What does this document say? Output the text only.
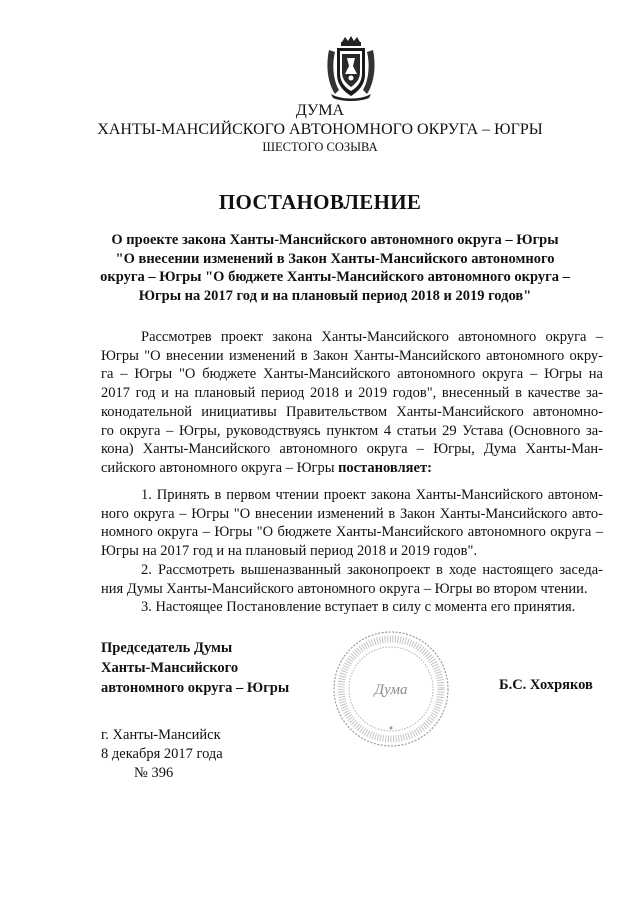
ДУМА
ХАНТЫ-МАНСИЙСКОГО АВТОНОМНОГО ОКРУГА – ЮГРЫ
ШЕСТОГО СОЗЫВА
ПОСТАНОВЛЕНИЕ
О проекте закона Ханты-Мансийского автономного округа – Югры
"О внесении изменений в Закон Ханты-Мансийского автономного
округа – Югры "О бюджете Ханты-Мансийского автономного округа –
Югры на 2017 год и на плановый период 2018 и 2019 годов"
Рассмотрев проект закона Ханты-Мансийского автономного округа –
Югры "О внесении изменений в Закон Ханты-Мансийского автономного окру-
га – Югры "О бюджете Ханты-Мансийского автономного округа – Югры на
2017 год и на плановый период 2018 и 2019 годов", внесенный в качестве за-
конодательной инициативы Правительством Ханты-Мансийского автономно-
го округа – Югры, руководствуясь пунктом 4 статьи 29 Устава (Основного за-
кона) Ханты-Мансийского автономного округа – Югры, Дума Ханты-Ман-
сийского автономного округа – Югры постановляет:
1. Принять в первом чтении проект закона Ханты-Мансийского автоном-
ного округа – Югры "О внесении изменений в Закон Ханты-Мансийского авто-
номного округа – Югры "О бюджете Ханты-Мансийского автономного округа –
Югры на 2017 год и на плановый период 2018 и 2019 годов".
2. Рассмотреть вышеназванный законопроект в ходе настоящего заседа-
ния Думы Ханты-Мансийского автономного округа – Югры во втором чтении.
3. Настоящее Постановление вступает в силу с момента его принятия.
Председатель Думы
Ханты-Мансийского
автономного округа – Югры	Дума	Б.С. Хохряков
г. Ханты-Мансийск
8 декабря 2017 года
№ 396
